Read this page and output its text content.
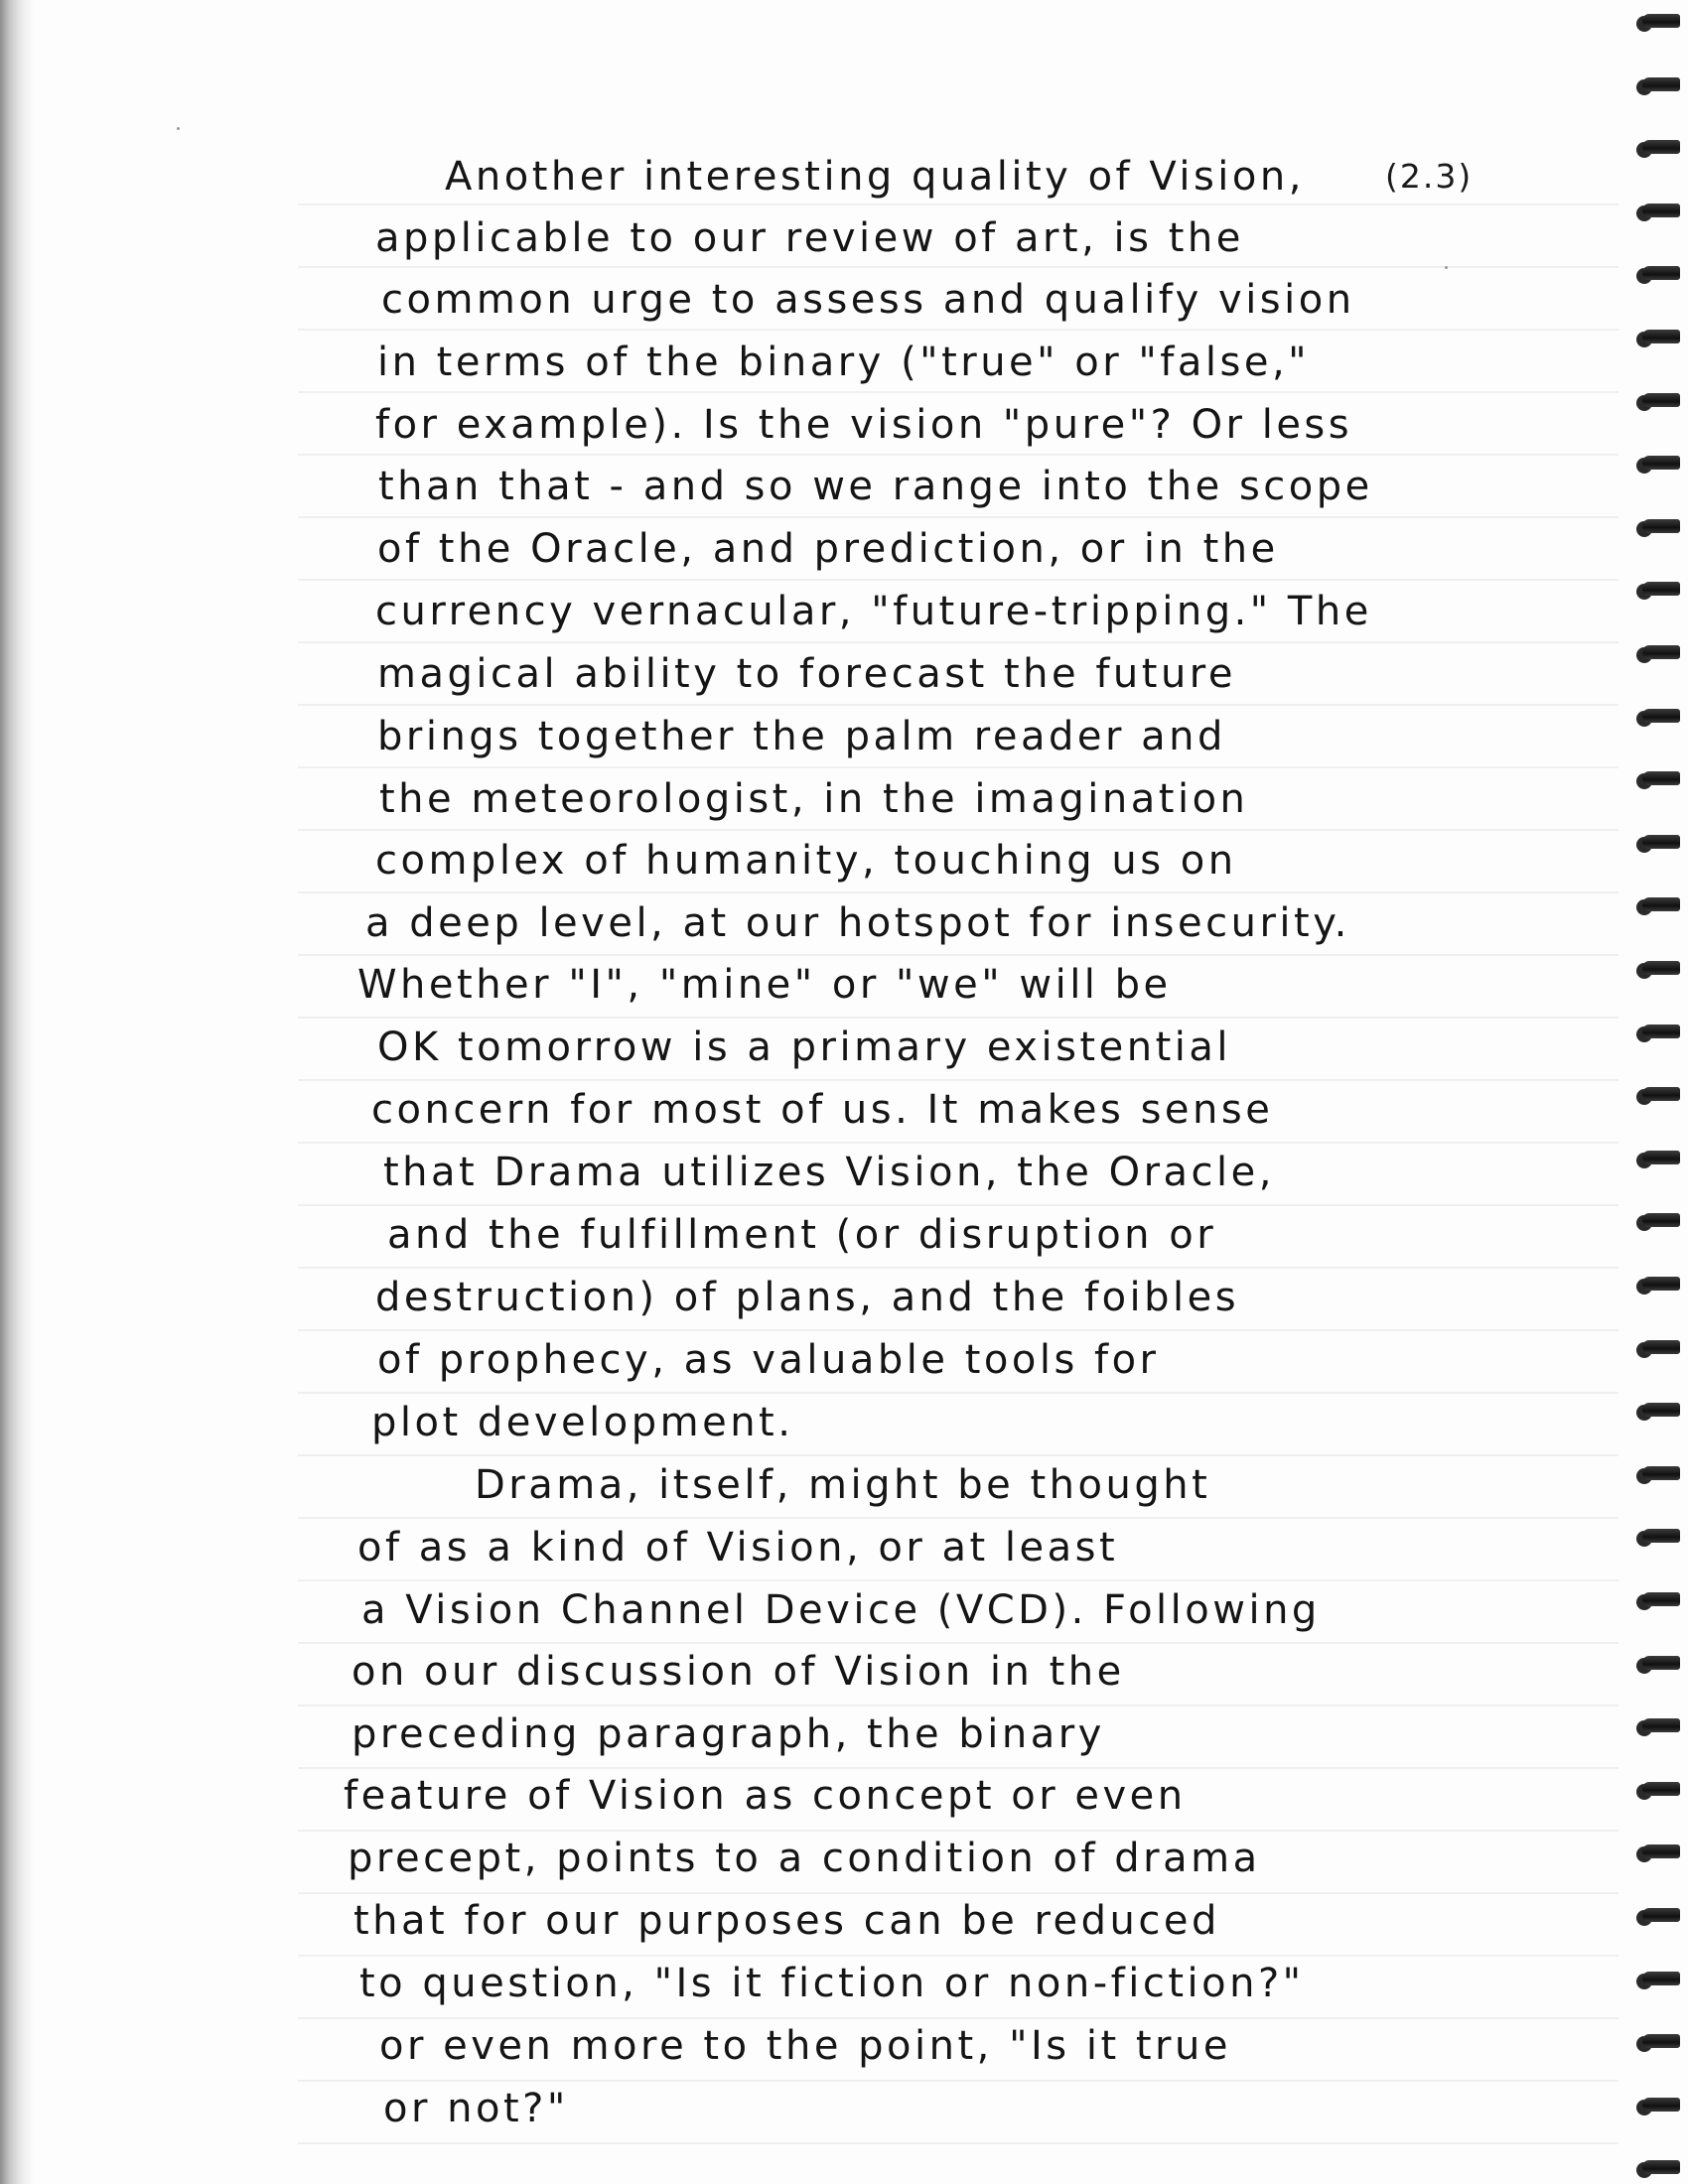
(2.3)
Another interesting quality of Vision,
applicable to our review of art, is the
common urge to assess and qualify vision
in terms of the binary ("true" or "false,"
for example). Is the vision "pure"? Or less
than that - and so we range into the scope
of the Oracle, and prediction, or in the
currency vernacular, "future-tripping." The
magical ability to forecast the future
brings together the palm reader and
the meteorologist, in the imagination
complex of humanity, touching us on
a deep level, at our hotspot for insecurity.
Whether "I", "mine" or "we" will be
OK tomorrow is a primary existential
concern for most of us. It makes sense
that Drama utilizes Vision, the Oracle,
and the fulfillment (or disruption or
destruction) of plans, and the foibles
of prophecy, as valuable tools for
plot development.
Drama, itself, might be thought
of as a kind of Vision, or at least
a Vision Channel Device (VCD). Following
on our discussion of Vision in the
preceding paragraph, the binary
feature of Vision as concept or even
precept, points to a condition of drama
that for our purposes can be reduced
to question, "Is it fiction or non-fiction?"
or even more to the point, "Is it true
or not?"
